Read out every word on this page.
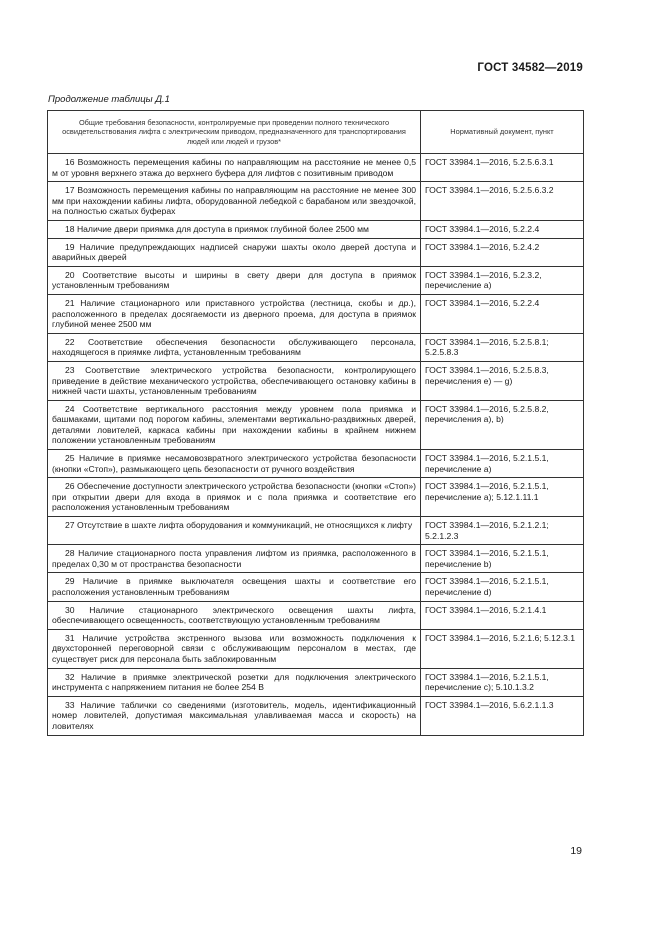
ГОСТ 34582—2019
Продолжение таблицы Д.1
Общие требования безопасности, контролируемые при проведении полного технического освидетельствования лифта с электрическим приводом, предназначенного для транспортирования людей или людей и грузов*	Нормативный документ, пункт
16 Возможность перемещения кабины по направляющим на расстояние не менее 0,5 м от уровня верхнего этажа до верхнего буфера для лифтов с позитивным приводом	ГОСТ 33984.1—2016, 5.2.5.6.3.1
17 Возможность перемещения кабины по направляющим на расстояние не менее 300 мм при нахождении кабины лифта, оборудованной лебедкой с барабаном или звездочкой, на полностью сжатых буферах	ГОСТ 33984.1—2016, 5.2.5.6.3.2
18 Наличие двери приямка для доступа в приямок глубиной более 2500 мм	ГОСТ 33984.1—2016, 5.2.2.4
19 Наличие предупреждающих надписей снаружи шахты около дверей доступа и аварийных дверей	ГОСТ 33984.1—2016, 5.2.4.2
20 Соответствие высоты и ширины в свету двери для доступа в приямок установленным требованиям	ГОСТ 33984.1—2016, 5.2.3.2, перечисление а)
21 Наличие стационарного или приставного устройства (лестница, скобы и др.), расположенного в пределах досягаемости из дверного проема, для доступа в приямок глубиной менее 2500 мм	ГОСТ 33984.1—2016, 5.2.2.4
22 Соответствие обеспечения безопасности обслуживающего персонала, находящегося в приямке лифта, установленным требованиям	ГОСТ 33984.1—2016, 5.2.5.8.1; 5.2.5.8.3
23 Соответствие электрического устройства безопасности, контролирующего приведение в действие механического устройства, обеспечивающего остановку кабины в нижней части шахты, установленным требованиям	ГОСТ 33984.1—2016, 5.2.5.8.3, перечисления е) — g)
24 Соответствие вертикального расстояния между уровнем пола приямка и башмаками, щитами под порогом кабины, элементами вертикально-раздвижных дверей, деталями ловителей, каркаса кабины при нахождении кабины в крайнем нижнем положении установленным требованиям	ГОСТ 33984.1—2016, 5.2.5.8.2, перечисления а), b)
25 Наличие в приямке несамовозвратного электрического устройства безопасности (кнопки «Стоп»), размыкающего цепь безопасности от ручного воздействия	ГОСТ 33984.1—2016, 5.2.1.5.1, перечисление а)
26 Обеспечение доступности электрического устройства безопасности (кнопки «Стоп») при открытии двери для входа в приямок и с пола приямка и соответствие его расположения установленным требованиям	ГОСТ 33984.1—2016, 5.2.1.5.1, перечисление а); 5.12.1.11.1
27 Отсутствие в шахте лифта оборудования и коммуникаций, не относящихся к лифту	ГОСТ 33984.1—2016, 5.2.1.2.1; 5.2.1.2.3
28 Наличие стационарного поста управления лифтом из приямка, расположенного в пределах 0,30 м от пространства безопасности	ГОСТ 33984.1—2016, 5.2.1.5.1, перечисление b)
29 Наличие в приямке выключателя освещения шахты и соответствие его расположения установленным требованиям	ГОСТ 33984.1—2016, 5.2.1.5.1, перечисление d)
30 Наличие стационарного электрического освещения шахты лифта, обеспечивающего освещенность, соответствующую установленным требованиям	ГОСТ 33984.1—2016, 5.2.1.4.1
31 Наличие устройства экстренного вызова или возможность подключения к двухсторонней переговорной связи с обслуживающим персоналом в местах, где существует риск для персонала быть заблокированным	ГОСТ 33984.1—2016, 5.2.1.6; 5.12.3.1
32 Наличие в приямке электрической розетки для подключения электрического инструмента с напряжением питания не более 254 В	ГОСТ 33984.1—2016, 5.2.1.5.1, перечисление с); 5.10.1.3.2
33 Наличие таблички со сведениями (изготовитель, модель, идентификационный номер ловителей, допустимая максимальная улавливаемая масса и скорость) на ловителях	ГОСТ 33984.1—2016, 5.6.2.1.1.3
19
